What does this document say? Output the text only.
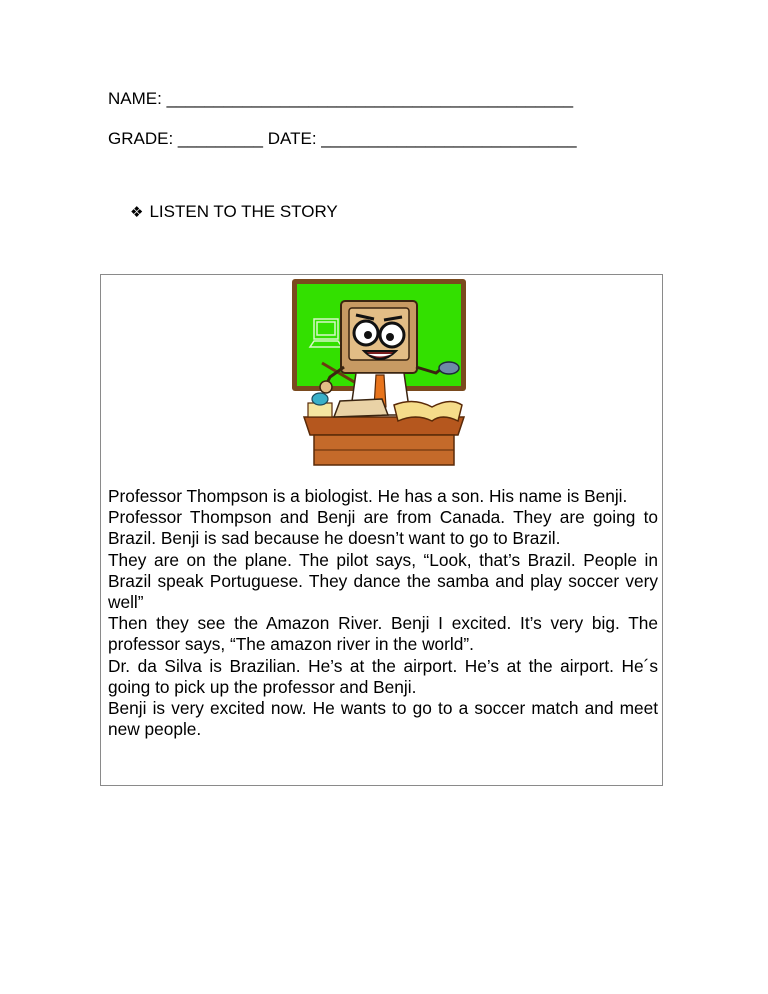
NAME: ___________________________________________
GRADE: _________ DATE: ___________________________
❖ LISTEN TO THE STORY

Professor Thompson is a biologist. He has a son. His name is Benji.

Professor Thompson and Benji are from Canada. They are going to Brazil. Benji is sad because he doesn’t want to go to Brazil.

They are on the plane. The pilot says, “Look, that’s Brazil. People in Brazil speak Portuguese. They dance the samba and play soccer very well”

Then they see the Amazon River. Benji I excited. It’s very big. The professor says, “The amazon river in the world”.

Dr. da Silva is Brazilian. He’s at the airport. He’s at the airport. He´s going to pick up the professor and Benji.

Benji is very excited now. He wants to go to a soccer match and meet new people.
